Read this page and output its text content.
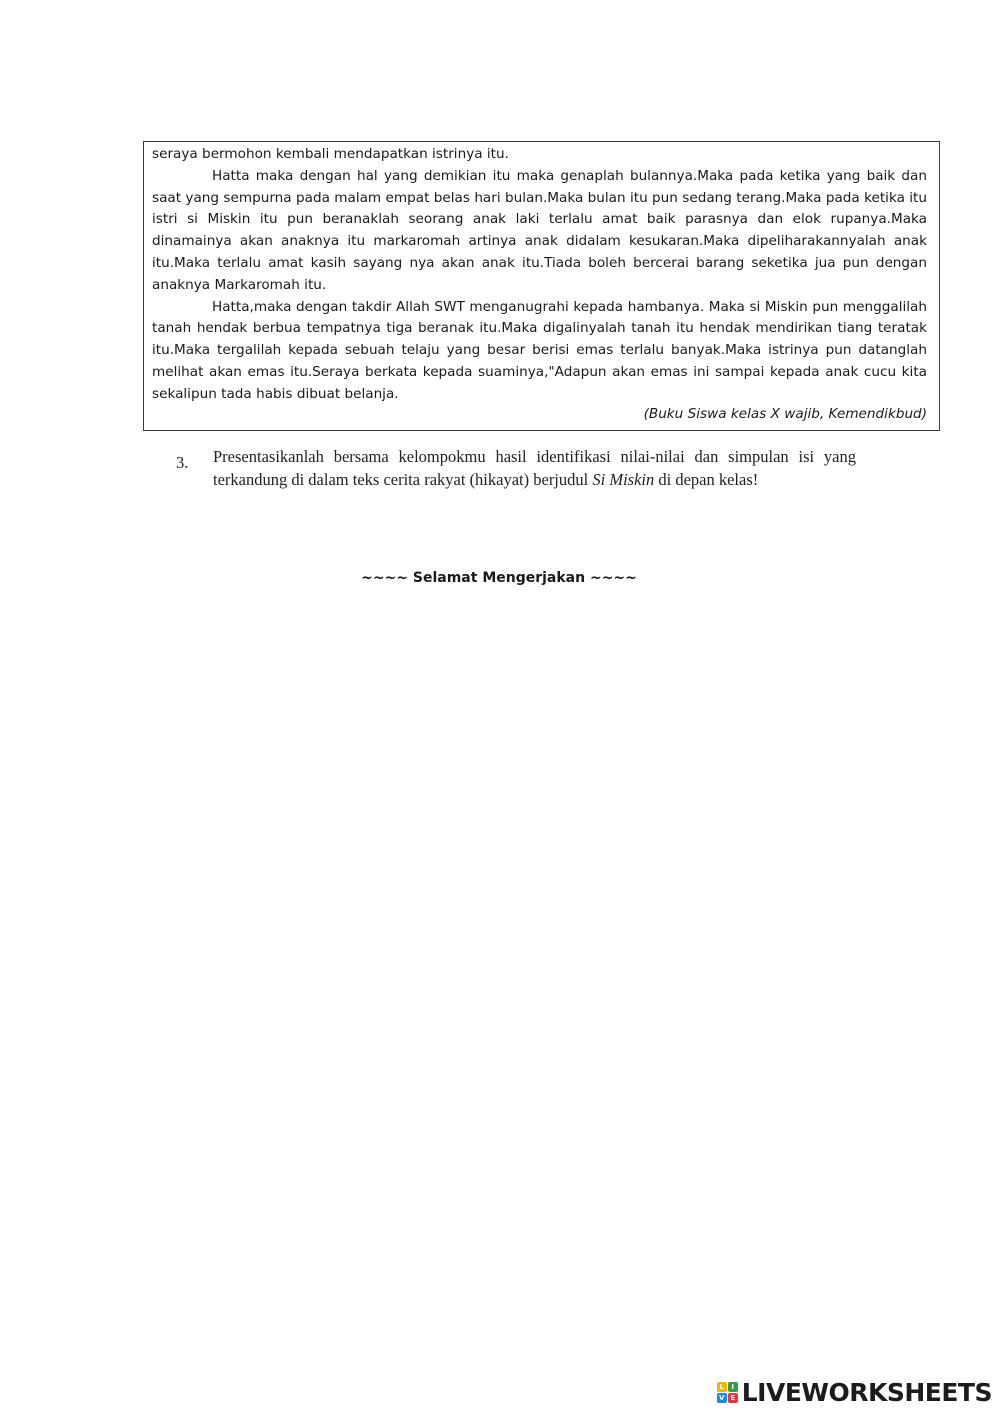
seraya bermohon kembali mendapatkan istrinya itu.

Hatta maka dengan hal yang demikian itu maka genaplah bulannya.Maka pada ketika yang baik dan saat yang sempurna pada malam empat belas hari bulan.Maka bulan itu pun sedang terang.Maka pada ketika itu istri si Miskin itu pun beranaklah seorang anak laki terlalu amat baik parasnya dan elok rupanya.Maka dinamainya akan anaknya itu markaromah artinya anak didalam kesukaran.Maka dipeliharakannyalah anak itu.Maka terlalu amat kasih sayang nya akan anak itu.Tiada boleh bercerai barang seketika jua pun dengan anaknya Markaromah itu.

Hatta,maka dengan takdir Allah SWT menganugrahi kepada hambanya. Maka si Miskin pun menggalilah tanah hendak berbua tempatnya tiga beranak itu.Maka digalinyalah tanah itu hendak mendirikan tiang teratak itu.Maka tergalilah kepada sebuah telaju yang besar berisi emas terlalu banyak.Maka istrinya pun datanglah melihat akan emas itu.Seraya berkata kepada suaminya,"Adapun akan emas ini sampai kepada anak cucu kita sekalipun tada habis dibuat belanja.

(Buku Siswa kelas X wajib, Kemendikbud)

3. Presentasikanlah bersama kelompokmu hasil identifikasi nilai-nilai dan simpulan isi yang terkandung di dalam teks cerita rakyat (hikayat) berjudul Si Miskin di depan kelas!
~~~~ Selamat Mengerjakan ~~~~
L	I
V E LIVEWORKSHEETS
